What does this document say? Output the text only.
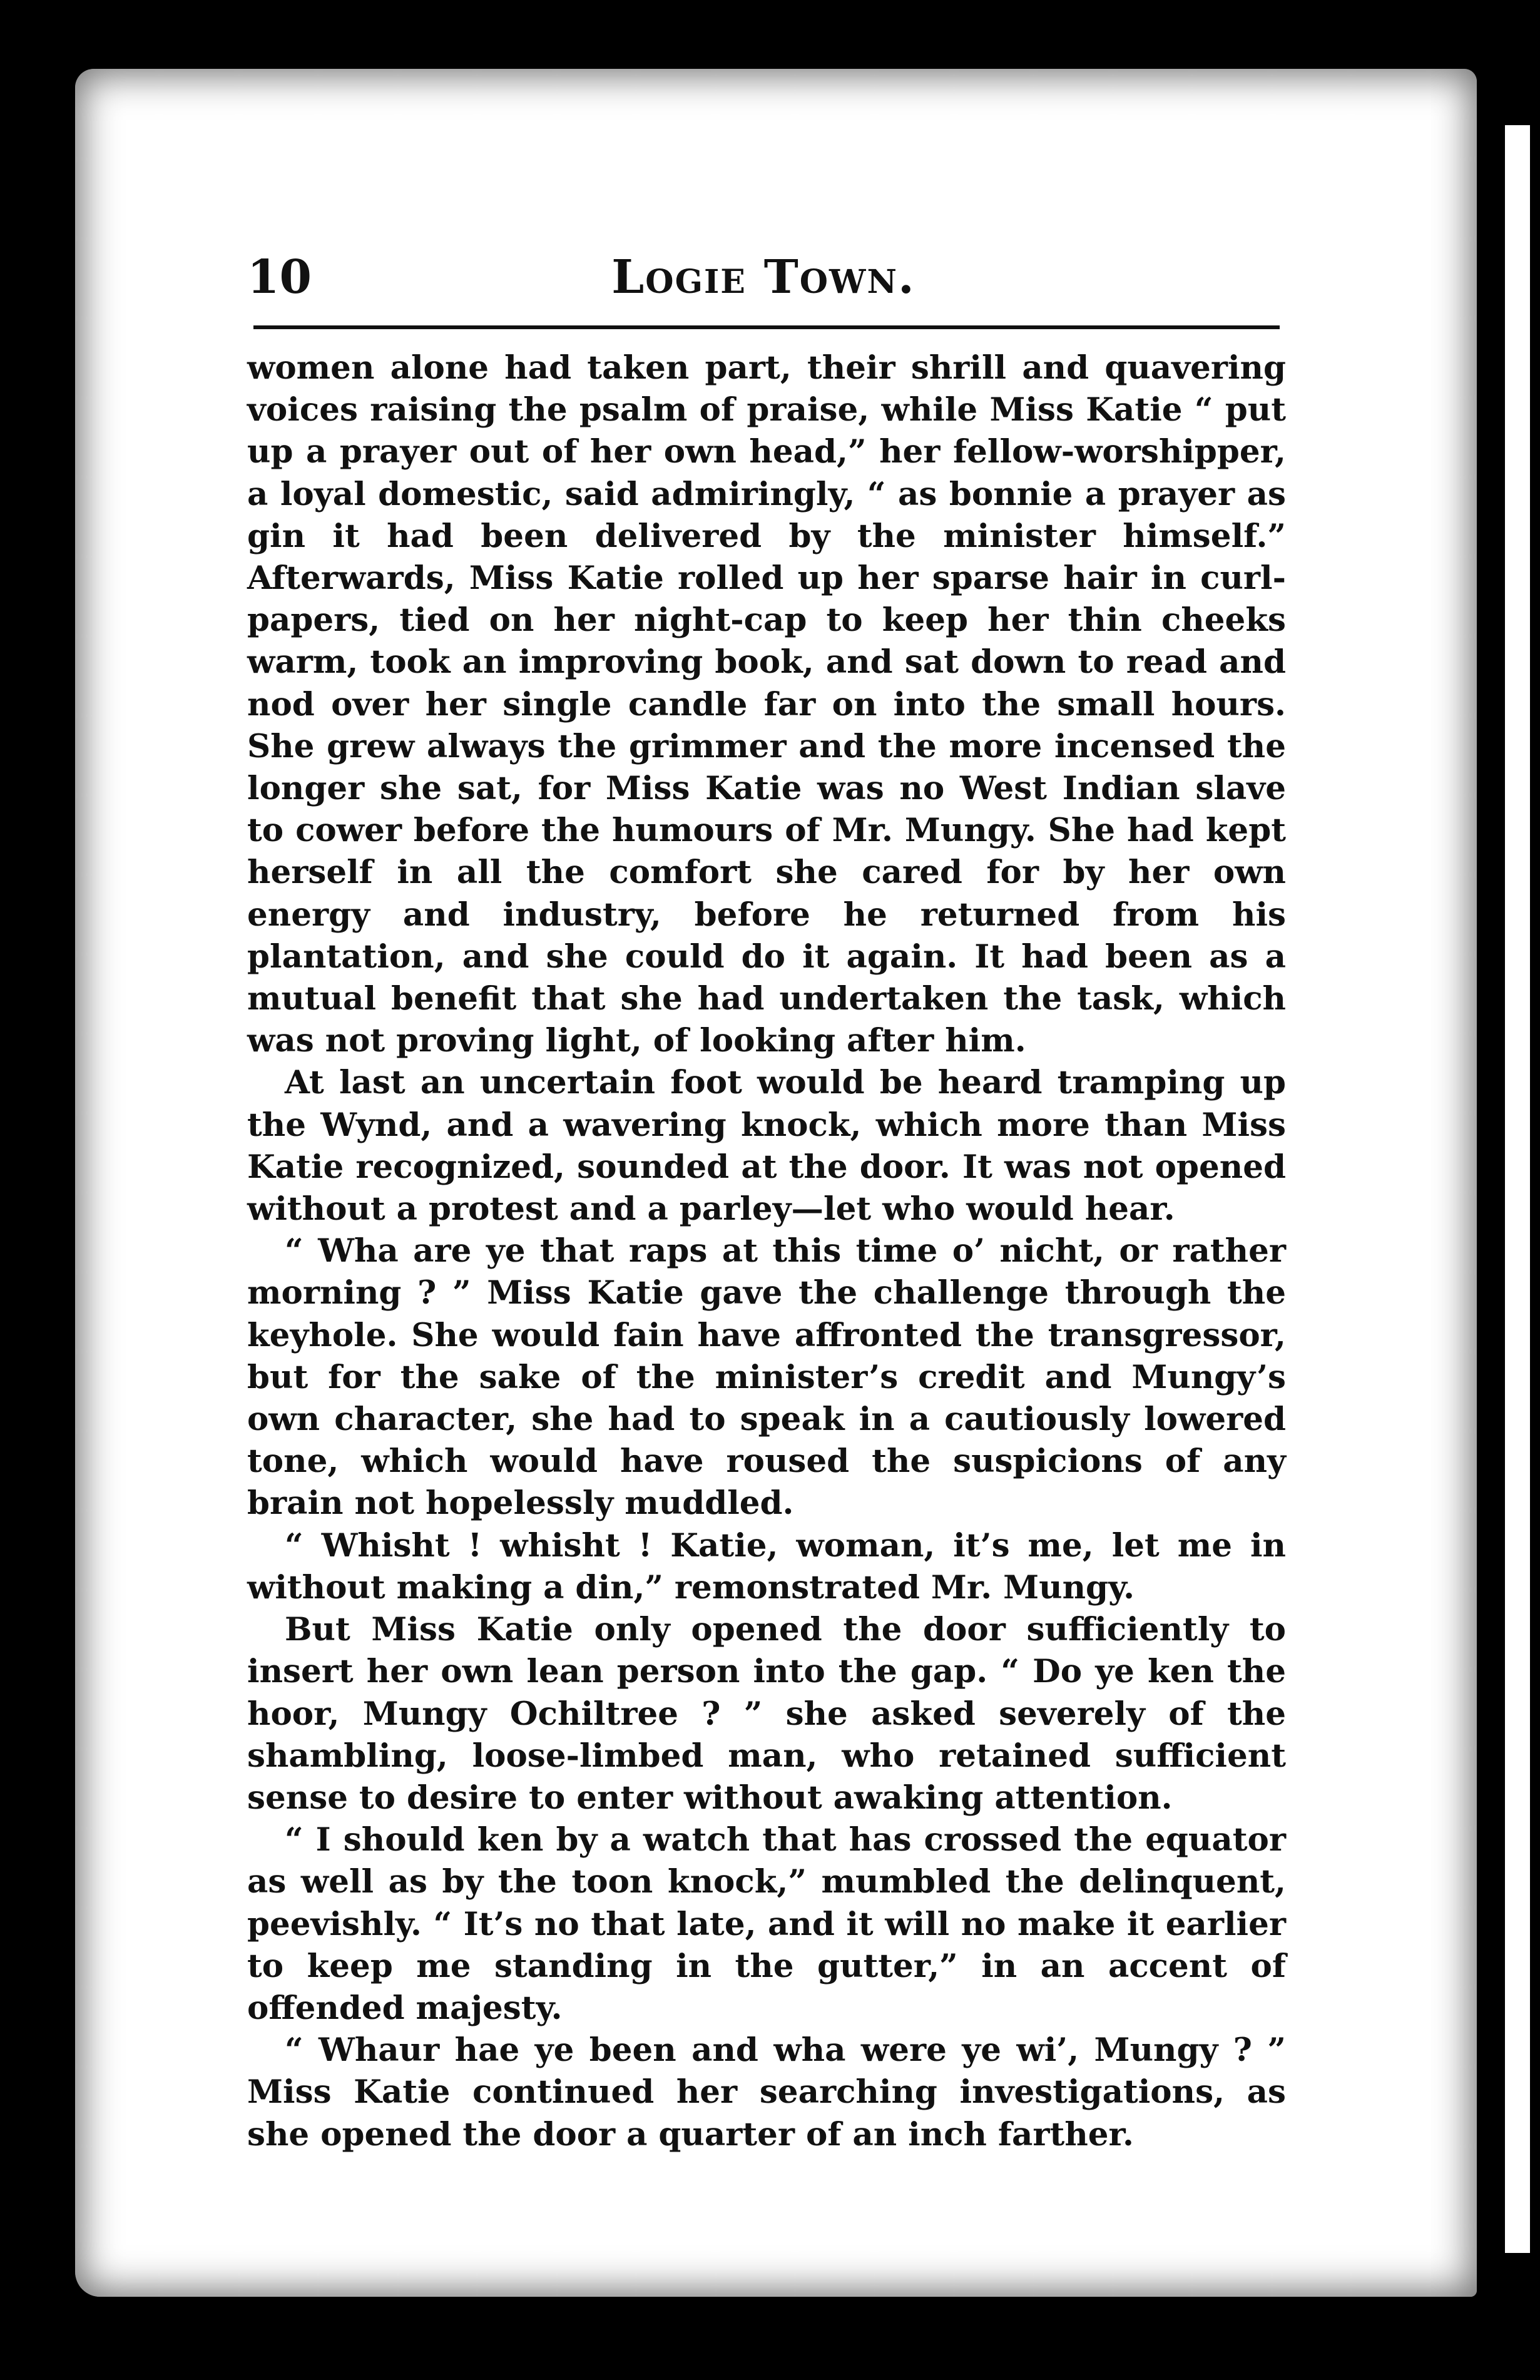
10	Logie Town.

women alone had taken part, their shrill and quavering voices raising the psalm of praise, while Miss Katie “ put up a prayer out of her own head,” her fellow-worshipper, a loyal domestic, said admiringly, “ as bonnie a prayer as gin it had been delivered by the minister himself.” Afterwards, Miss Katie rolled up her sparse hair in curl-papers, tied on her night-cap to keep her thin cheeks warm, took an improving book, and sat down to read and nod over her single candle far on into the small hours. She grew always the grimmer and the more incensed the longer she sat, for Miss Katie was no West Indian slave to cower before the humours of Mr. Mungy. She had kept herself in all the comfort she cared for by her own energy and industry, before he returned from his plantation, and she could do it again. It had been as a mutual benefit that she had undertaken the task, which was not proving light, of looking after him.

At last an uncertain foot would be heard tramping up the Wynd, and a wavering knock, which more than Miss Katie recognized, sounded at the door. It was not opened without a protest and a parley—let who would hear.

“ Wha are ye that raps at this time o’ nicht, or rather morning ? ” Miss Katie gave the challenge through the keyhole. She would fain have affronted the transgressor, but for the sake of the minister’s credit and Mungy’s own character, she had to speak in a cautiously lowered tone, which would have roused the suspicions of any brain not hopelessly muddled.

“ Whisht ! whisht ! Katie, woman, it’s me, let me in without making a din,” remonstrated Mr. Mungy.

But Miss Katie only opened the door sufficiently to insert her own lean person into the gap. “ Do ye ken the hoor, Mungy Ochiltree ? ” she asked severely of the shambling, loose-limbed man, who retained sufficient sense to desire to enter without awaking attention.

“ I should ken by a watch that has crossed the equator as well as by the toon knock,” mumbled the delinquent, peevishly. “ It’s no that late, and it will no make it earlier to keep me standing in the gutter,” in an accent of offended majesty.

“ Whaur hae ye been and wha were ye wi’, Mungy ? ” Miss Katie continued her searching investigations, as she opened the door a quarter of an inch farther.
